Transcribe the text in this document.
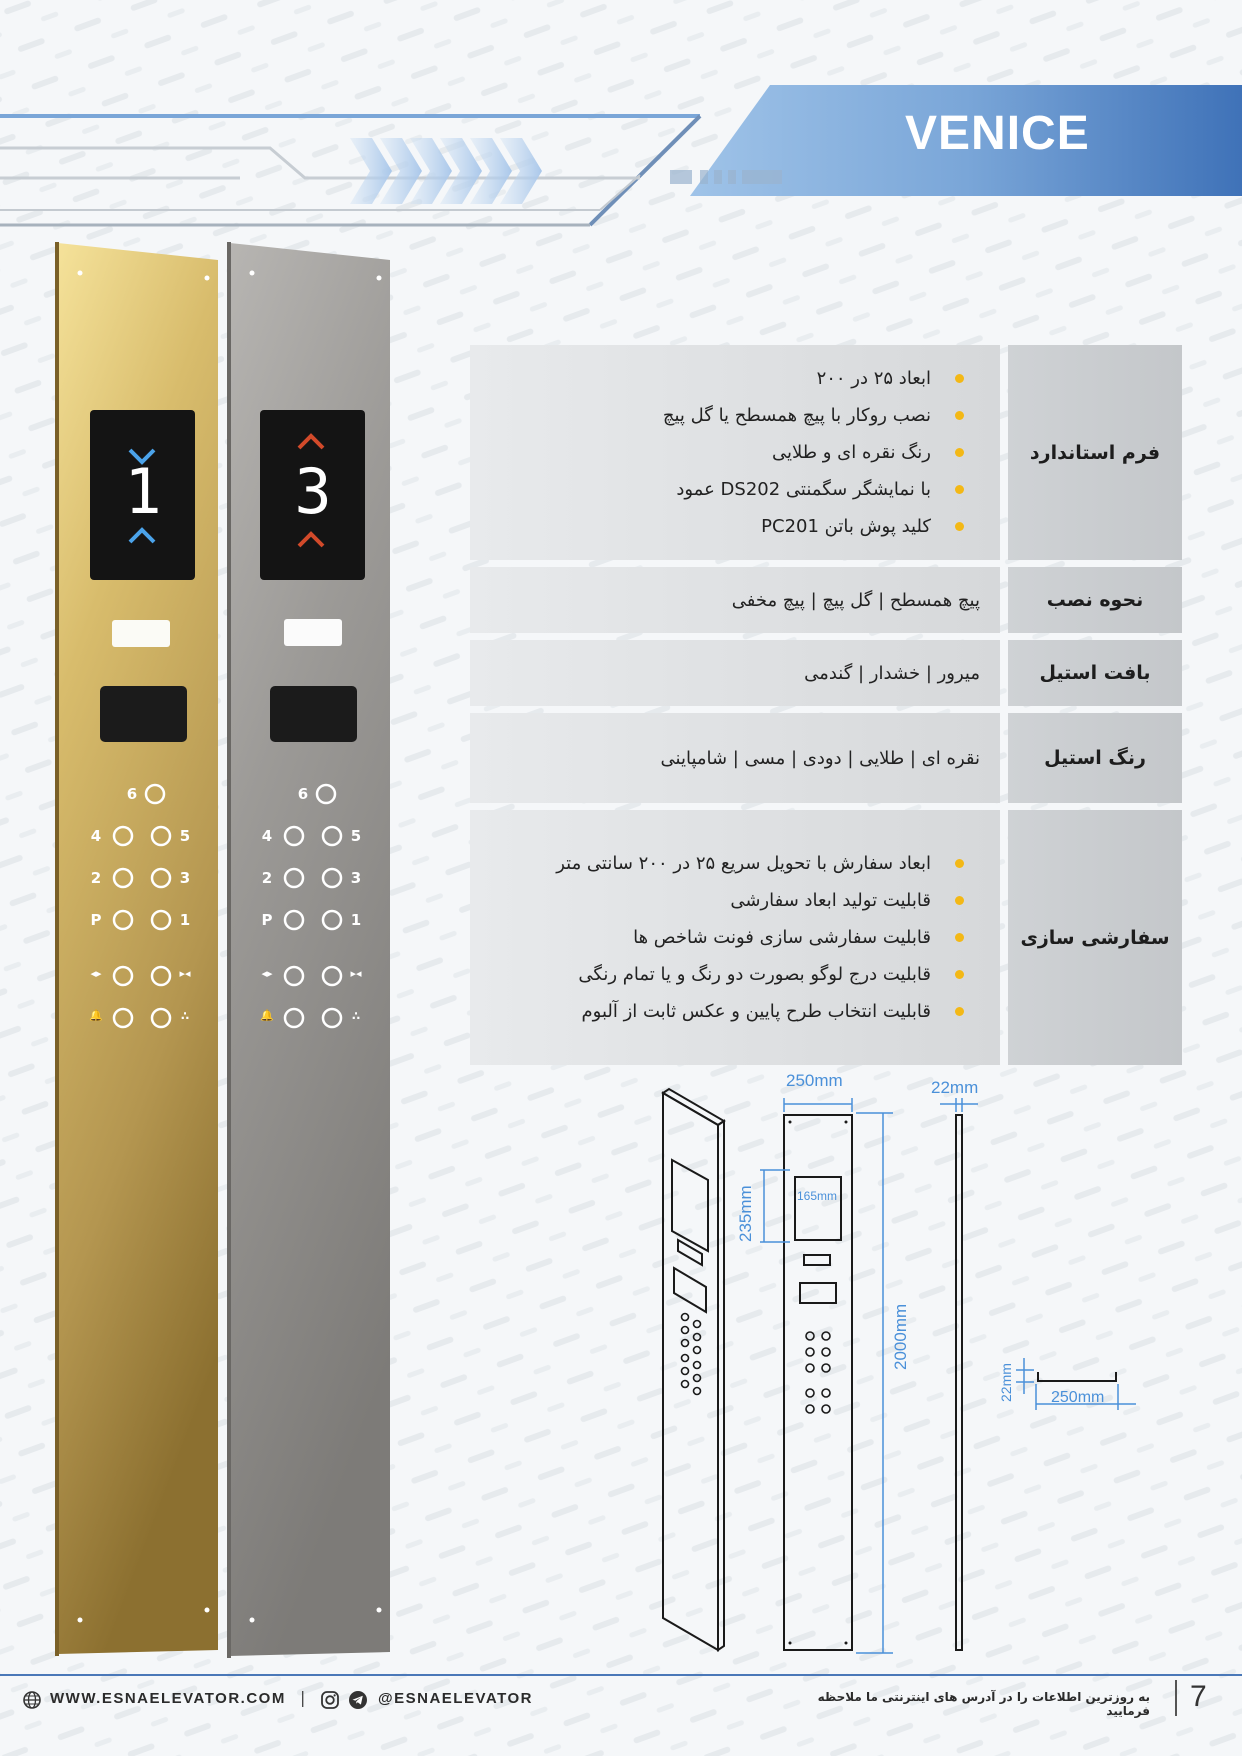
VENICE
1
6
4	5
2	3
P	1
◂▸	▸◂
🔔	∴
3
6
4	5
2	3
P	1
◂▸	▸◂
🔔	∴
ابعاد ۲۵ در ۲۰۰
نصب روکار با پیچ همسطح یا گل پیچ
رنگ نقره ای و طلایی
با نمایشگر سگمنتی DS202 عمود
کلید پوش باتن PC201
فرم استاندارد
پیچ همسطح | گل پیچ | پیچ مخفی	نحوه نصب
میرور | خشدار | گندمی	بافت استیل
نقره ای | طلایی | دودی | مسی | شامپاینی	رنگ استیل
ابعاد سفارش با تحویل سریع ۲۵ در ۲۰۰ سانتی متر
قابلیت تولید ابعاد سفارشی
قابلیت سفارشی سازی فونت شاخص ها
قابلیت درج لوگو بصورت دو رنگ و یا تمام رنگی
قابلیت انتخاب طرح پایین و عکس ثابت از آلبوم
سفارشی سازی
250mm	22mm
235mm	165mm
2000mm
22mm 250mm
WWW.ESNAELEVATOR.COM |	@ESNAELEVATOR	به روزترین اطلاعات را در آدرس های اینترنتی ما ملاحظه فرمایید 7
